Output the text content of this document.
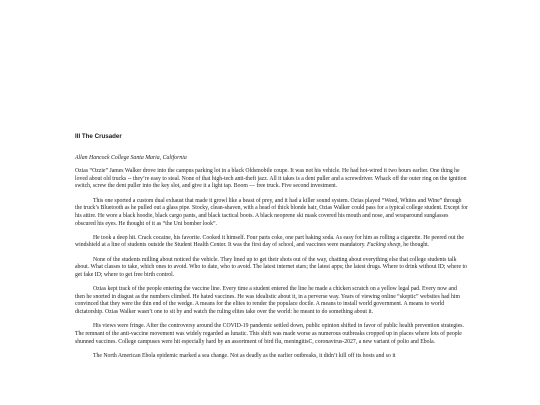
III The Crusader

Allan Hancock College Santa Maria, California

Ozias “Ozzie” James Walker drove into the campus parking lot in a black Oldsmobile coupe. It was not his vehicle. He had hot-wired it two hours earlier. One thing he loved about old trucks -- they’re easy to steal. None of that high-tech anti-theft jazz. All it takes is a dent puller and a screwdriver. Whack off the outer ring on the ignition switch, screw the dent puller into the key slot, and give it a light tap. Boom — free truck. Five second investment.

This one sported a custom dual exhaust that made it growl like a beast of prey, and it had a killer sound system. Ozias played “Weed, Whites and Wine” through the truck’s Bluetooth as he pulled out a glass pipe. Stocky, clean-shaven, with a head of thick blonde hair, Ozias Walker could pass for a typical college student. Except for his attire. He wore a black hoodie, black cargo pants, and black tactical boots. A black neoprene ski mask covered his mouth and nose, and wraparound sunglasses obscured his eyes. He thought of it as “the Uni bomber look”.

He took a deep hit. Crack cocaine, his favorite. Cooked it himself. Four parts coke, one part baking soda. As easy for him as rolling a cigarette. He peered out the windshield at a line of students outside the Student Health Center. It was the first day of school, and vaccines were mandatory. Fucking sheep, he thought.

None of the students milling about noticed the vehicle. They lined up to get their shots out of the way, chatting about everything else that college students talk about. What classes to take, which ones to avoid. Who to date, who to avoid. The latest internet stars; the latest apps; the latest drugs. Where to drink without ID; where to get fake ID; where to get free birth control.

Ozias kept track of the people entering the vaccine line. Every time a student entered the line he made a chicken scratch on a yellow legal pad. Every now and then he snorted in disgust as the numbers climbed. He hated vaccines. He was idealistic about it, in a perverse way. Years of viewing online “skeptic” websites had him convinced that they were the thin end of the wedge. A means for the elites to render the populace docile. A means to install world government. A means to world dictatorship. Ozias Walker wasn’t one to sit by and watch the ruling elites take over the world: he meant to do something about it.

His views were fringe. After the controversy around the COVID-19 pandemic settled down, public opinion shifted in favor of public health prevention strategies. The remnant of the anti-vaccine movement was widely regarded as lunatic. This shift was made worse as numerous outbreaks cropped up in places where lots of people shunned vaccines. College campuses were hit especially hard by an assortment of bird flu, meningitisC, coronavirus-2027, a new variant of polio and Ebola.

The North American Ebola epidemic marked a sea change. Not as deadly as the earlier outbreaks, it didn’t kill off its hosts and so it
